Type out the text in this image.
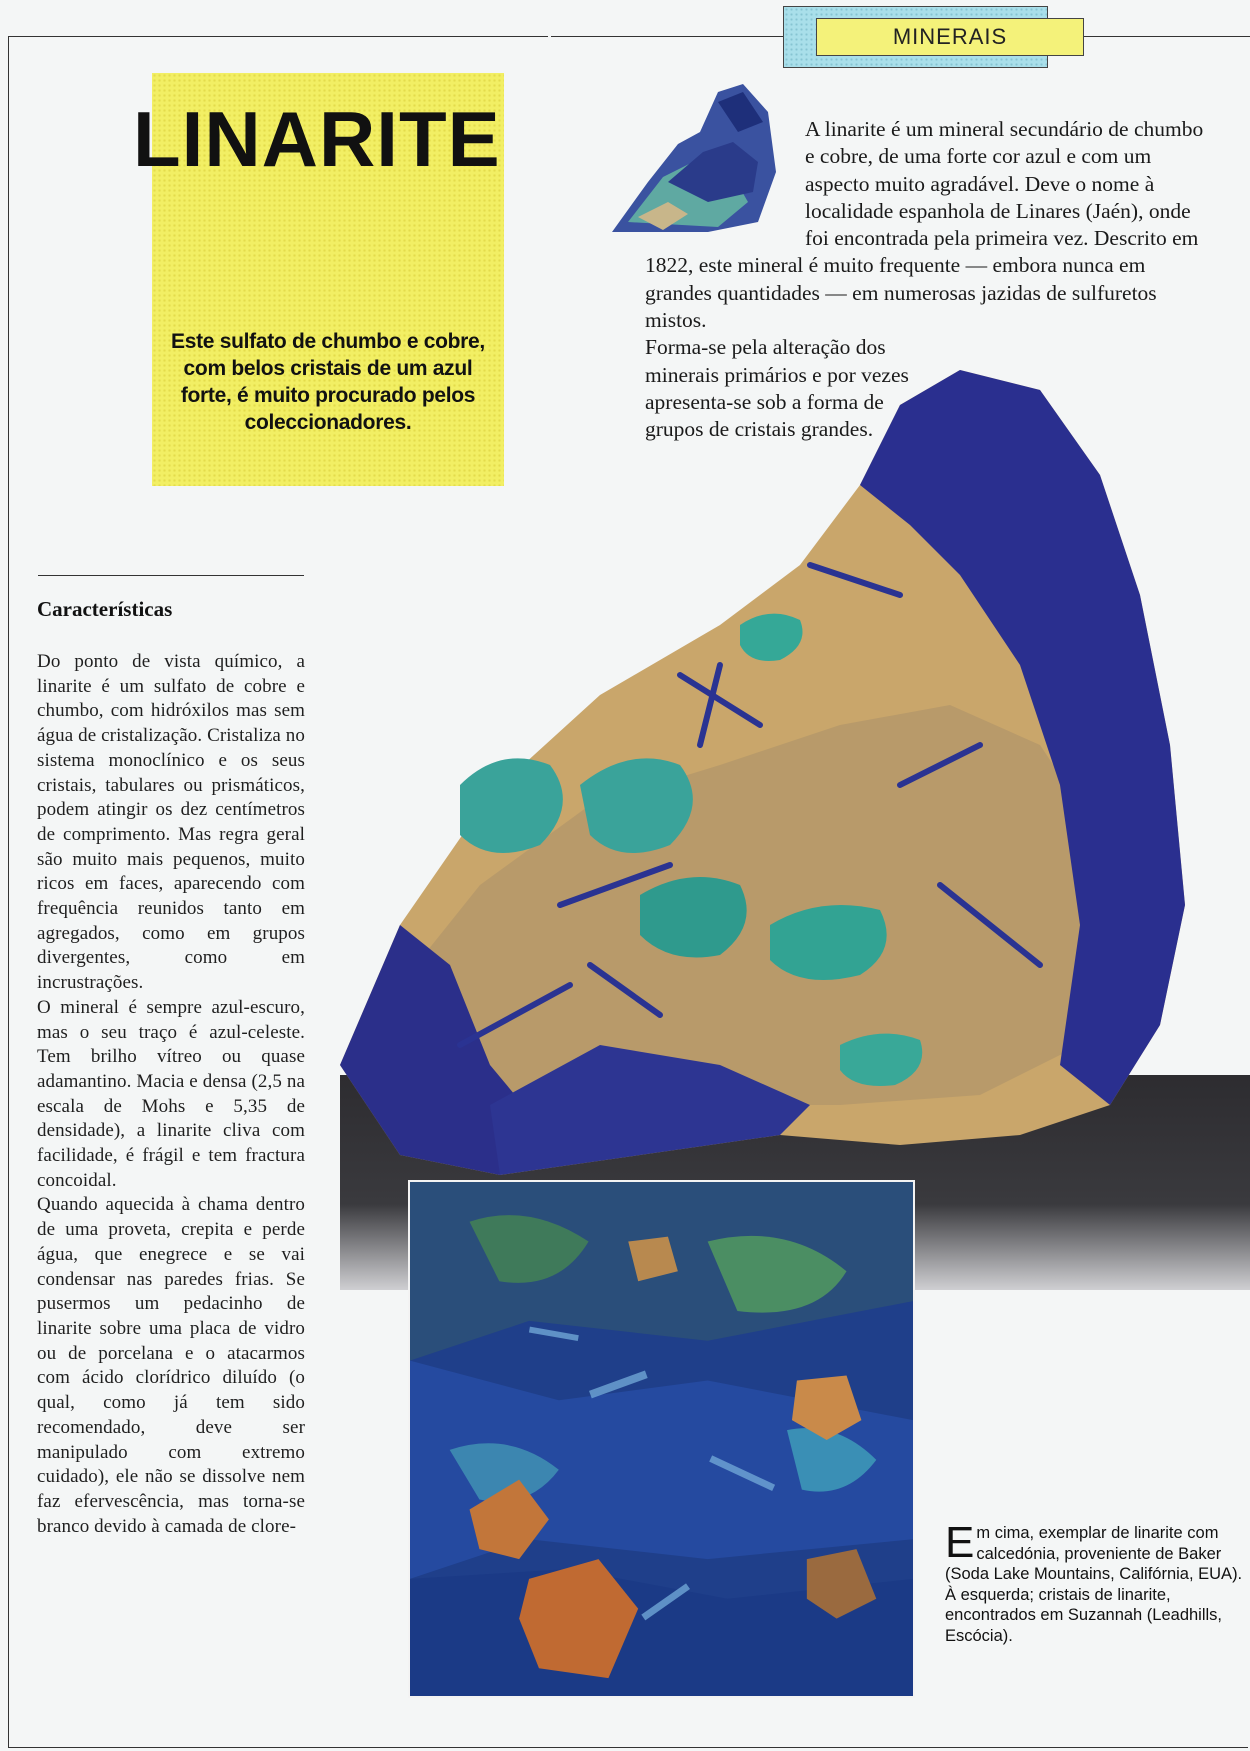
MINERAIS
LINARITE
Este sulfato de chumbo e cobre, com belos cristais de um azul forte, é muito procurado pelos coleccionadores.
A linarite é um mineral secundário de chumbo e cobre, de uma forte cor azul e com um aspecto muito agradável. Deve o nome à localidade espanhola de Linares (Jaén), onde foi encontrada pela primeira vez. Descrito em 1822, este mineral é muito frequente — embora nunca em grandes quantidades — em numerosas jazidas de sulfuretos mistos.
Forma-se pela alteração dos minerais primários e por vezes apresenta-se sob a forma de grupos de cristais grandes.
Características

Do ponto de vista químico, a linarite é um sulfato de cobre e chumbo, com hidróxilos mas sem água de cristalização. Cristaliza no sistema monoclínico e os seus cristais, tabulares ou prismáticos, podem atingir os dez centímetros de comprimento. Mas regra geral são muito mais pequenos, muito ricos em faces, aparecendo com frequência reunidos tanto em agregados, como em grupos divergentes, como em incrustrações.

O mineral é sempre azul-escuro, mas o seu traço é azul-celeste. Tem brilho vítreo ou quase adamantino. Macia e densa (2,5 na escala de Mohs e 5,35 de densidade), a linarite cliva com facilidade, é frágil e tem fractura concoidal.

Quando aquecida à chama dentro de uma proveta, crepita e perde água, que enegrece e se vai condensar nas paredes frias. Se pusermos um pedacinho de linarite sobre uma placa de vidro ou de porcelana e o atacarmos com ácido clorídrico diluído (o qual, como já tem sido recomendado, deve ser manipulado com extremo cuidado), ele não se dissolve nem faz efervescência, mas torna-se branco devido à camada de clore-	E m cima, exemplar de linarite com calcedónia, proveniente de Baker (Soda Lake Mountains, Califórnia, EUA). À esquerda; cristais de linarite, encontrados em Suzannah (Leadhills, Escócia).
